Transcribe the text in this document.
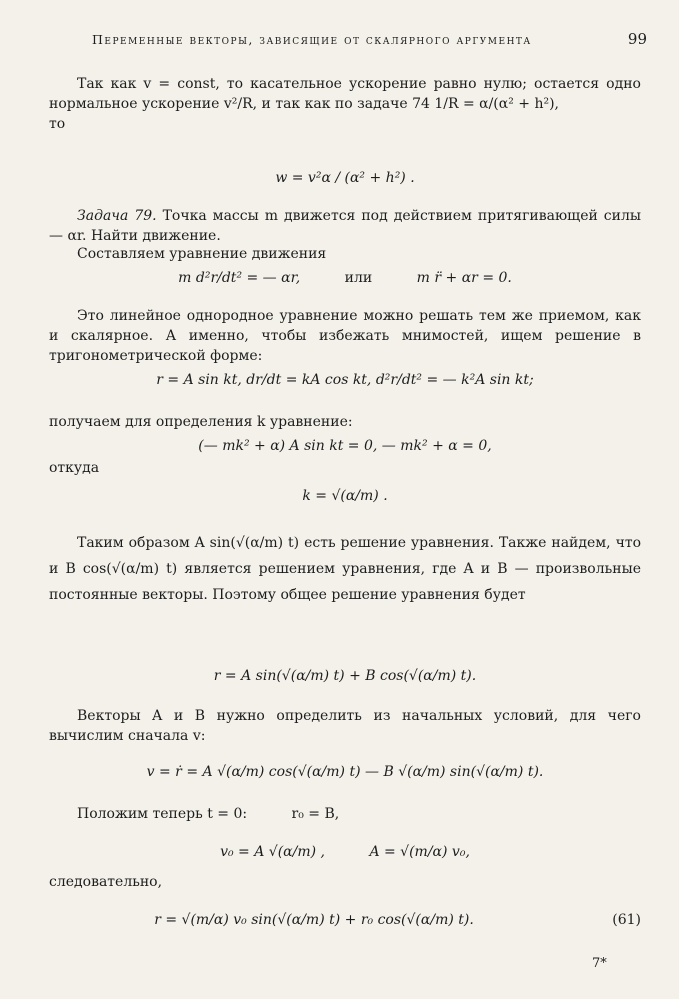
Переменные векторы, зависящие от скалярного аргумента	99
Так как v = const, то касательное ускорение равно нулю; остается одно нормальное ускорение v²/R, и так как по задаче 74 1/R = α/(α² + h²),
то
w = v²α / (α² + h²) .
Задача 79. Точка массы m движется под действием притягивающей силы — αr. Найти движение.
Составляем уравнение движения
m d²r/dt² = — αr,	или	m r̈ + αr = 0.
Это линейное однородное уравнение можно решать тем же приемом, как и скалярное. А именно, чтобы избежать мнимостей, ищем решение в тригонометрической форме:
r = A sin kt, dr/dt = kA cos kt, d²r/dt² = — k²A sin kt;
получаем для определения k уравнение:
(— mk² + α) A sin kt = 0, — mk² + α = 0,
откуда
k = √(α/m) .
Таким образом A sin(√(α/m) t) есть решение уравнения. Также найдем, что и B cos(√(α/m) t) является решением уравнения, где A и B — произвольные постоянные векторы. Поэтому общее решение уравнения будет
r = A sin(√(α/m) t) + B cos(√(α/m) t).
Векторы A и B нужно определить из начальных условий, для чего вычислим сначала v:
v = ṙ = A √(α/m) cos(√(α/m) t) — B √(α/m) sin(√(α/m) t).
Положим теперь t = 0:	r₀ = B,
v₀ = A √(α/m) ,	A = √(m/α) v₀,
следовательно,
r = √(m/α) v₀ sin(√(α/m) t) + r₀ cos(√(α/m) t).	(61)
7*
